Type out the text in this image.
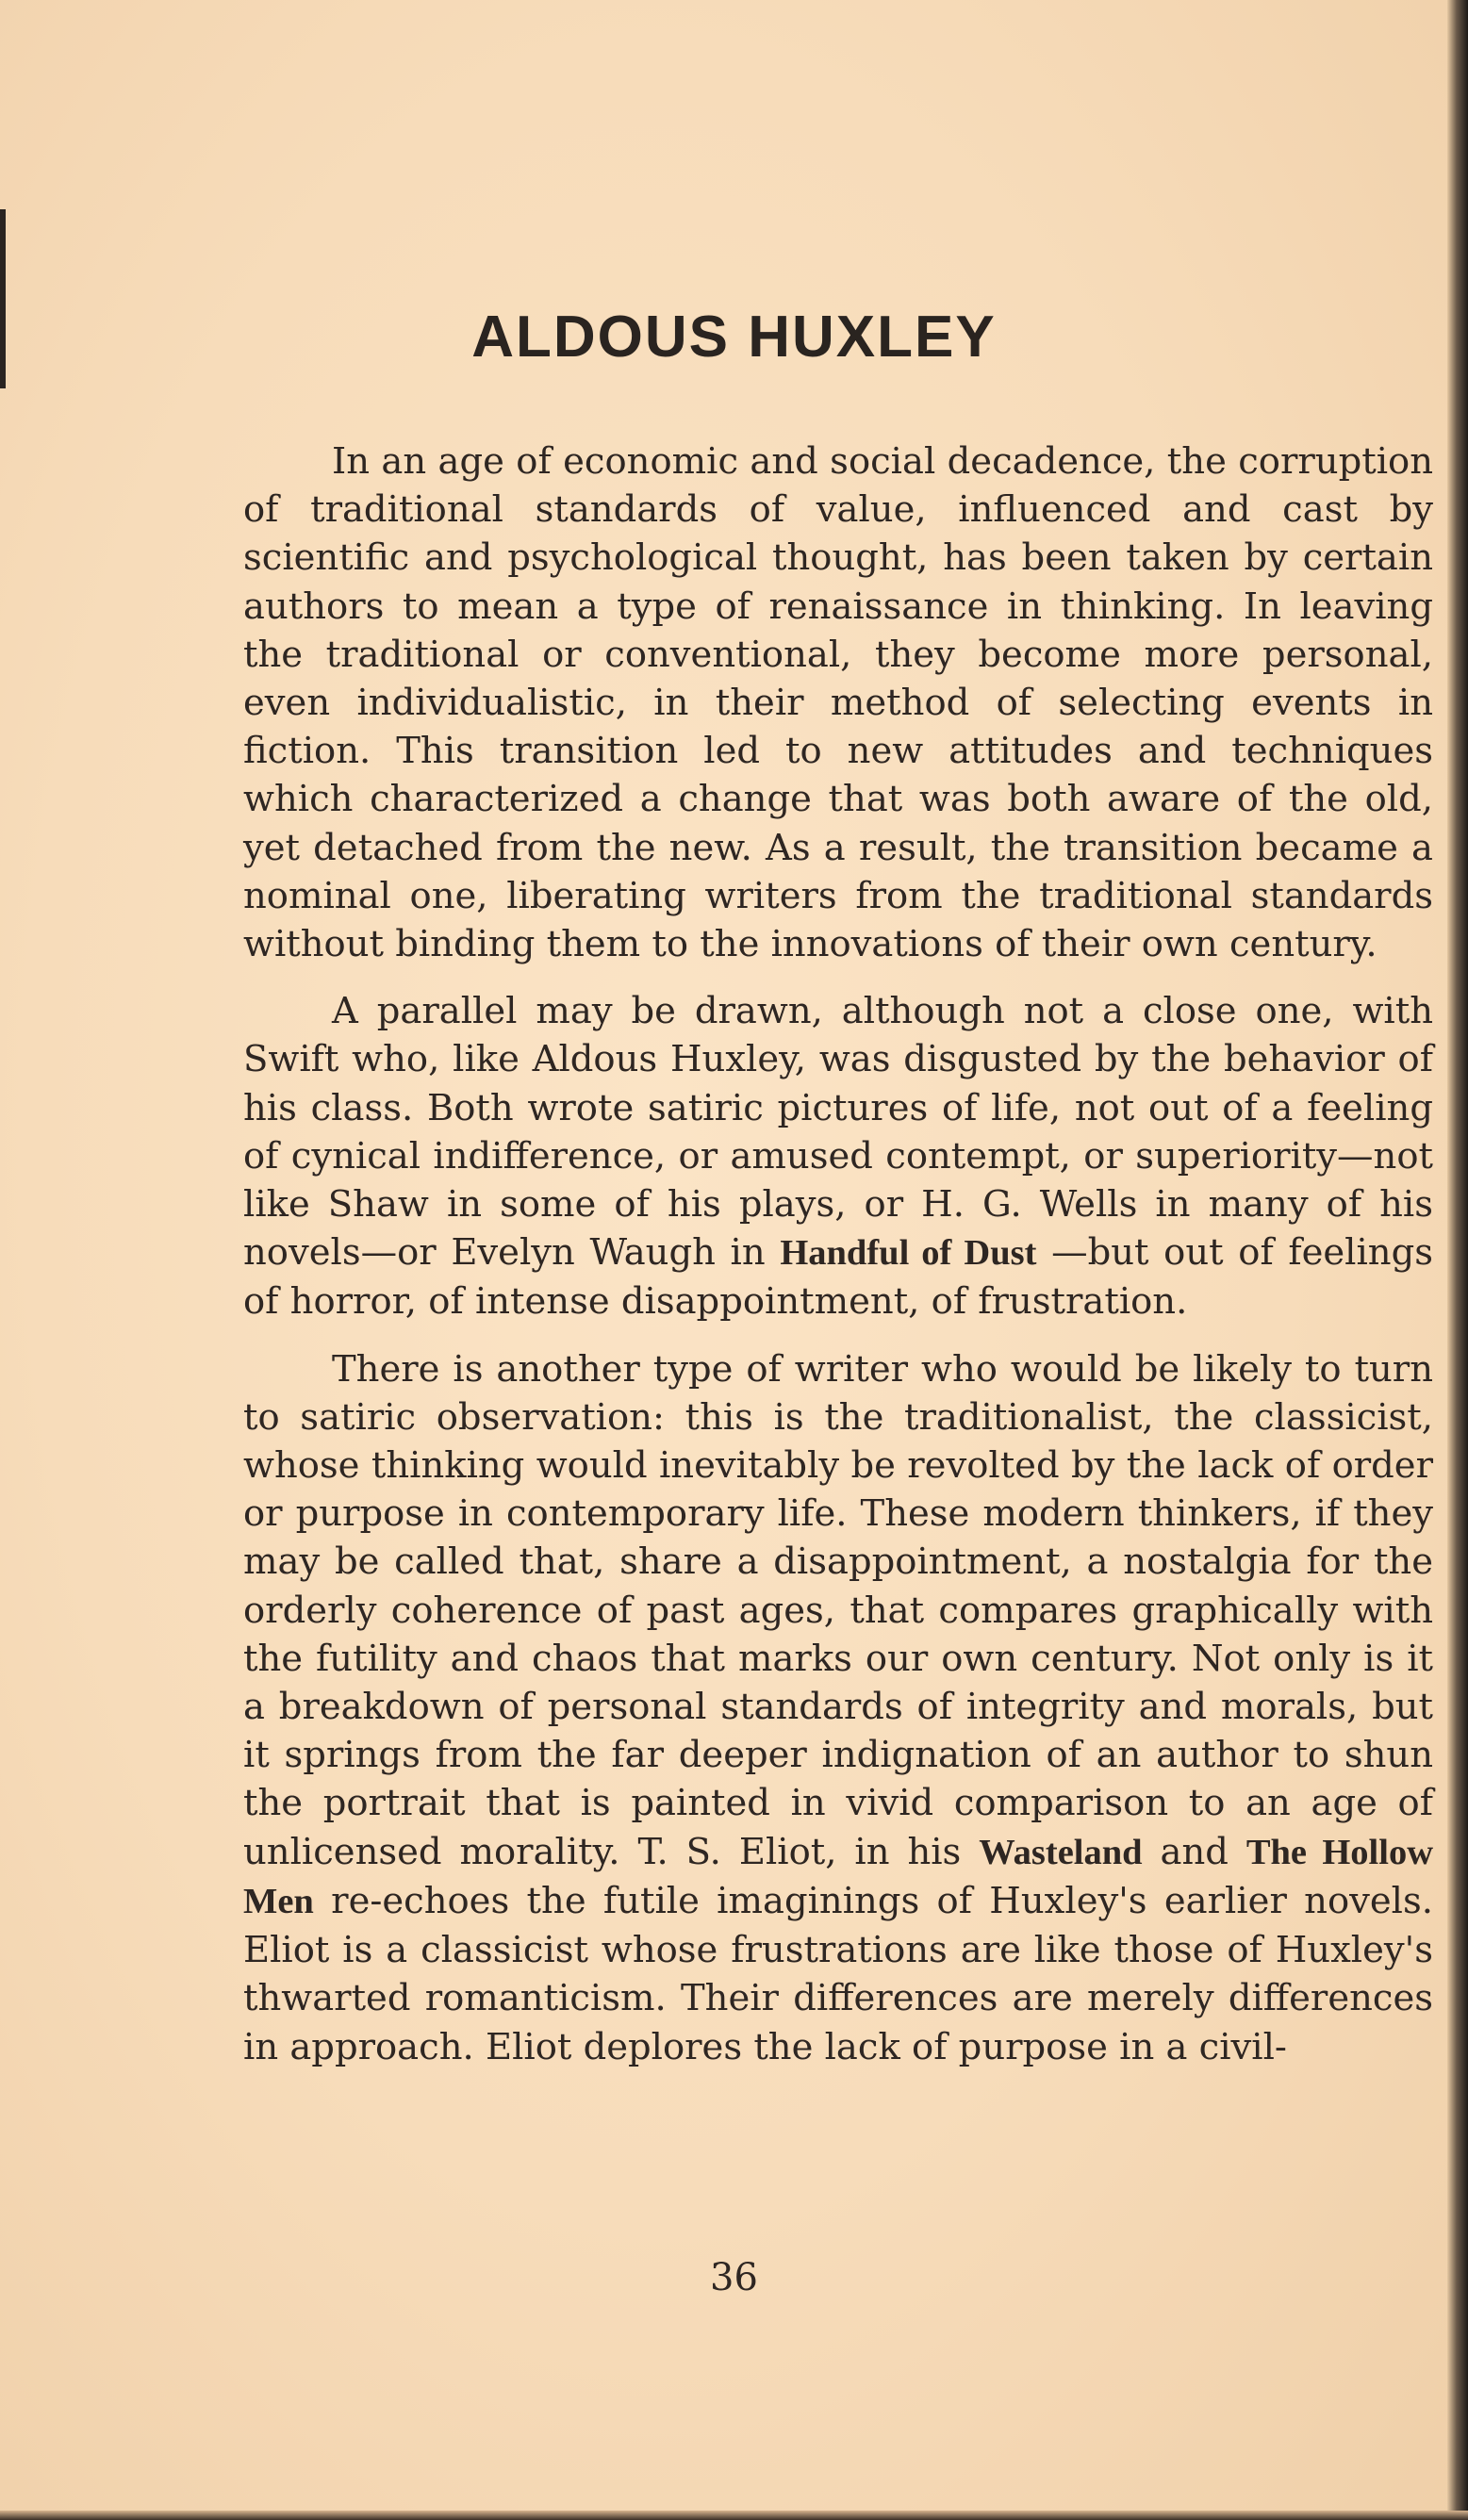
ALDOUS HUXLEY

In an age of economic and social decadence, the corruption of traditional standards of value, influenced and cast by scientific and psychological thought, has been taken by certain authors to mean a type of renaissance in thinking. In leaving the traditional or conventional, they become more personal, even individualistic, in their method of selecting events in fiction. This transition led to new attitudes and techniques which characterized a change that was both aware of the old, yet detached from the new. As a result, the transition became a nominal one, liberating writers from the traditional standards without binding them to the innovations of their own century.

A parallel may be drawn, although not a close one, with Swift who, like Aldous Huxley, was disgusted by the behavior of his class. Both wrote satiric pictures of life, not out of a feeling of cynical indifference, or amused contempt, or superiority—not like Shaw in some of his plays, or H. G. Wells in many of his novels—or Evelyn Waugh in Handful of Dust —but out of feelings of horror, of intense disappointment, of frustration.

There is another type of writer who would be likely to turn to satiric observation: this is the traditionalist, the classicist, whose thinking would inevitably be revolted by the lack of order or purpose in contemporary life. These modern thinkers, if they may be called that, share a disappointment, a nostalgia for the orderly coherence of past ages, that compares graphically with the futility and chaos that marks our own century. Not only is it a breakdown of personal standards of integrity and morals, but it springs from the far deeper indignation of an author to shun the portrait that is painted in vivid comparison to an age of unlicensed morality. T. S. Eliot, in his Wasteland and The Hollow Men re-echoes the futile imaginings of Huxley's earlier novels. Eliot is a classicist whose frustrations are like those of Huxley's thwarted romanticism. Their differences are merely differences in approach. Eliot deplores the lack of purpose in a civil-

36
